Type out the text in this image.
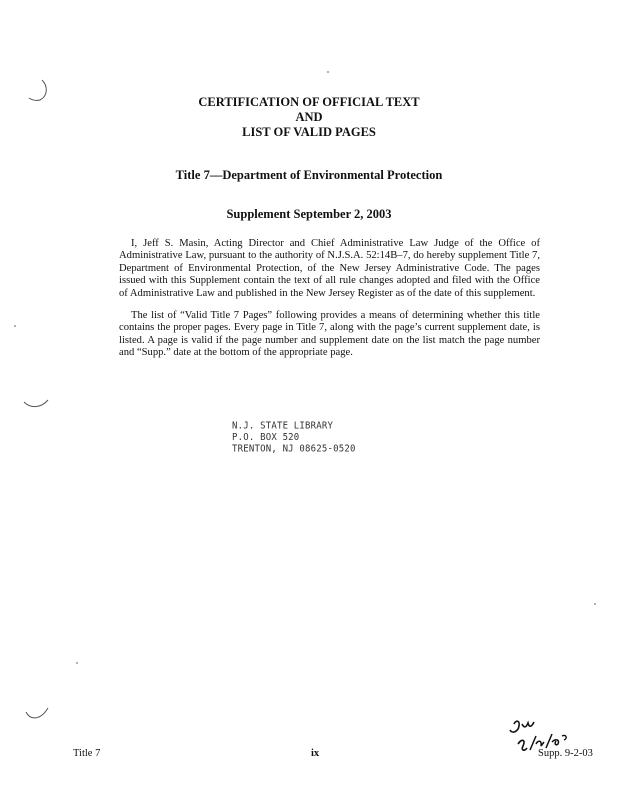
CERTIFICATION OF OFFICIAL TEXT
AND
LIST OF VALID PAGES
Title 7—Department of Environmental Protection
Supplement September 2, 2003
I, Jeff S. Masin, Acting Director and Chief Administrative Law Judge of the Office of Administrative Law, pursuant to the authority of N.J.S.A. 52:14B–7, do hereby supplement Title 7, Department of Environmental Protection, of the New Jersey Administrative Code. The pages issued with this Supplement contain the text of all rule changes adopted and filed with the Office of Administrative Law and published in the New Jersey Register as of the date of this supplement.
The list of “Valid Title 7 Pages” following provides a means of determining whether this title contains the proper pages. Every page in Title 7, along with the page’s current supplement date, is listed. A page is valid if the page number and supplement date on the list match the page number and “Supp.” date at the bottom of the appropriate page.
N.J. STATE LIBRARY
P.O. BOX 520
TRENTON, NJ 08625-0520
Title 7	ix	Supp. 9-2-03
